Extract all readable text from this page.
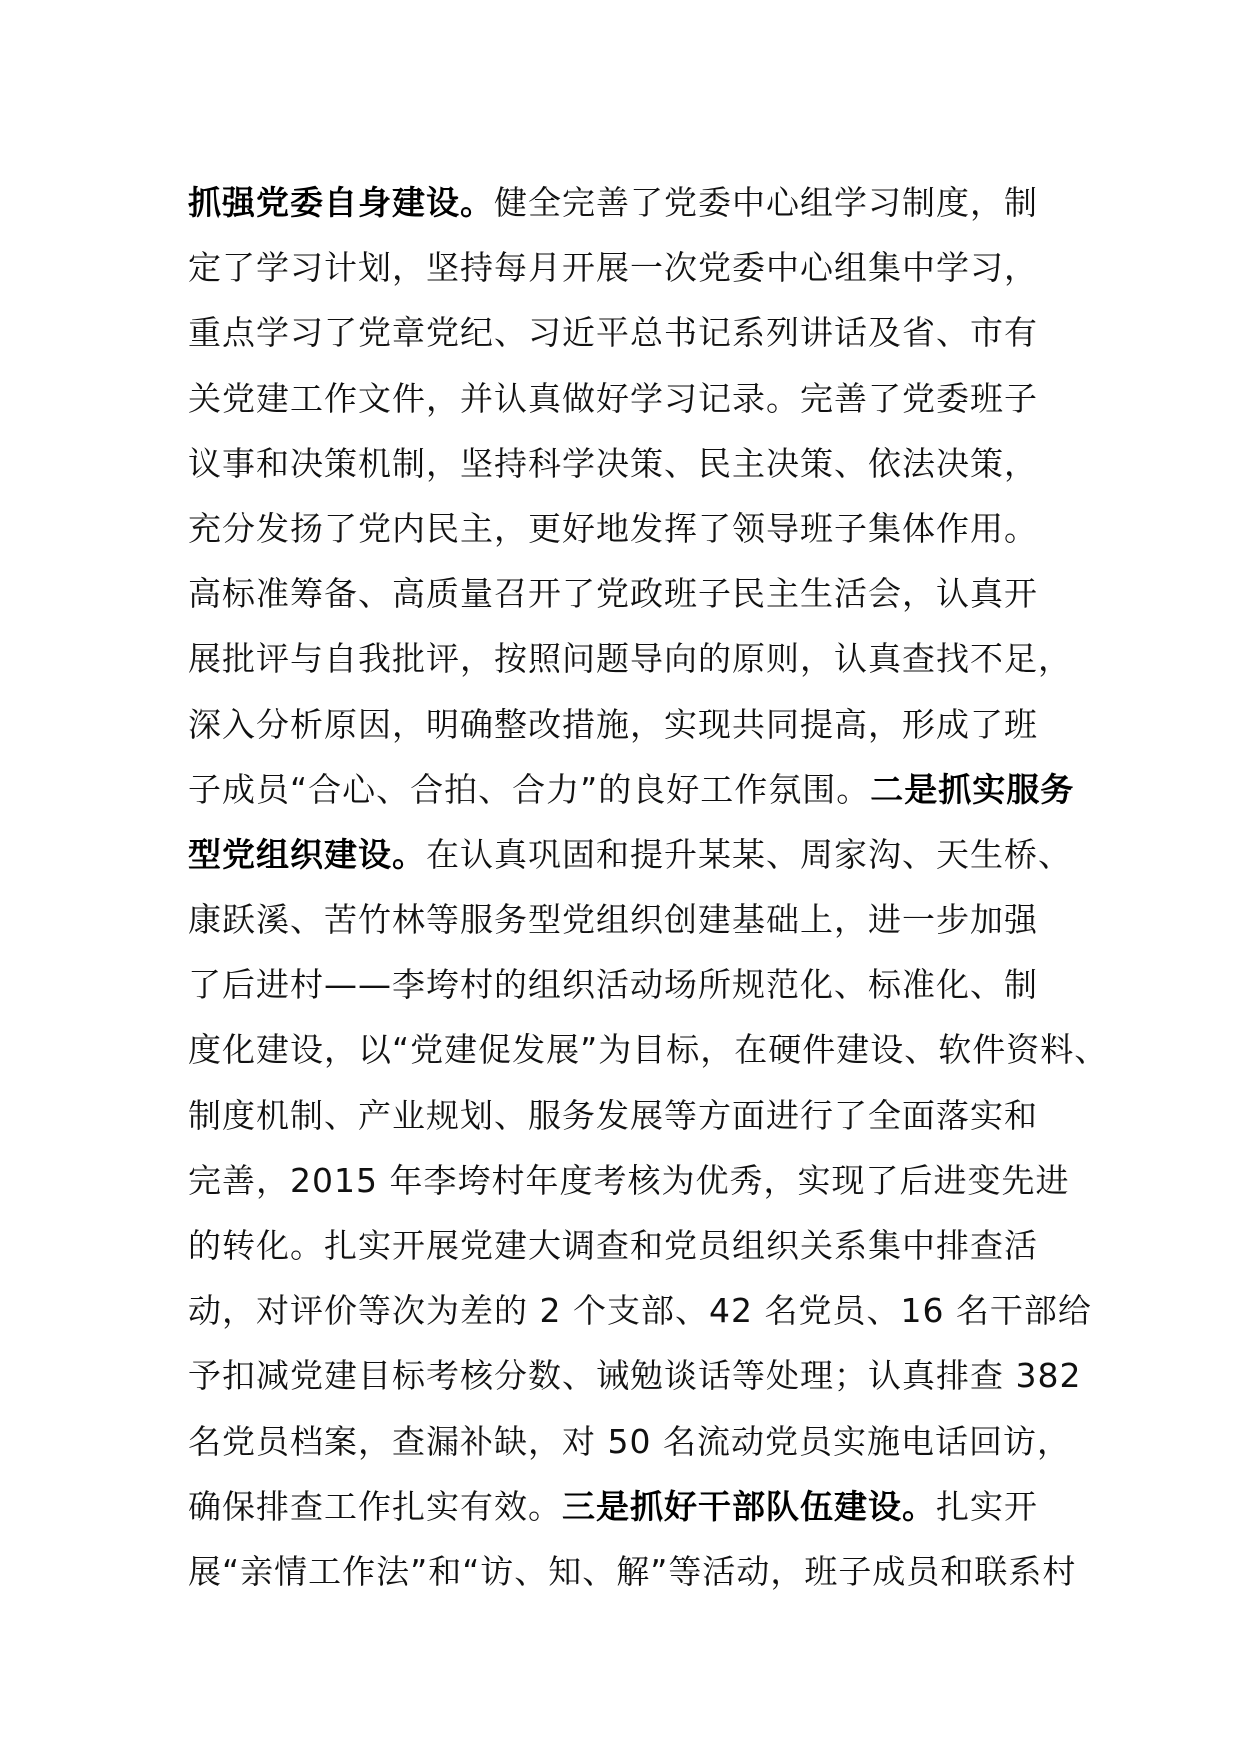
抓强党委自身建设。健全完善了党委中心组学习制度，制
定了学习计划，坚持每月开展一次党委中心组集中学习，
重点学习了党章党纪、习近平总书记系列讲话及省、市有
关党建工作文件，并认真做好学习记录。完善了党委班子
议事和决策机制，坚持科学决策、民主决策、依法决策，
充分发扬了党内民主，更好地发挥了领导班子集体作用。
高标准筹备、高质量召开了党政班子民主生活会，认真开
展批评与自我批评，按照问题导向的原则，认真查找不足，
深入分析原因，明确整改措施，实现共同提高，形成了班
子成员“合心、合拍、合力”的良好工作氛围。二是抓实服务
型党组织建设。在认真巩固和提升某某、周家沟、天生桥、
康跃溪、苦竹林等服务型党组织创建基础上，进一步加强
了后进村——李垮村的组织活动场所规范化、标准化、制
度化建设，以“党建促发展”为目标，在硬件建设、软件资料、
制度机制、产业规划、服务发展等方面进行了全面落实和
完善，2015 年李垮村年度考核为优秀，实现了后进变先进
的转化。扎实开展党建大调查和党员组织关系集中排查活
动，对评价等次为差的 2 个支部、42 名党员、16 名干部给
予扣减党建目标考核分数、诫勉谈话等处理；认真排查 382
名党员档案，查漏补缺，对 50 名流动党员实施电话回访，
确保排查工作扎实有效。三是抓好干部队伍建设。扎实开
展“亲情工作法”和“访、知、解”等活动，班子成员和联系村
